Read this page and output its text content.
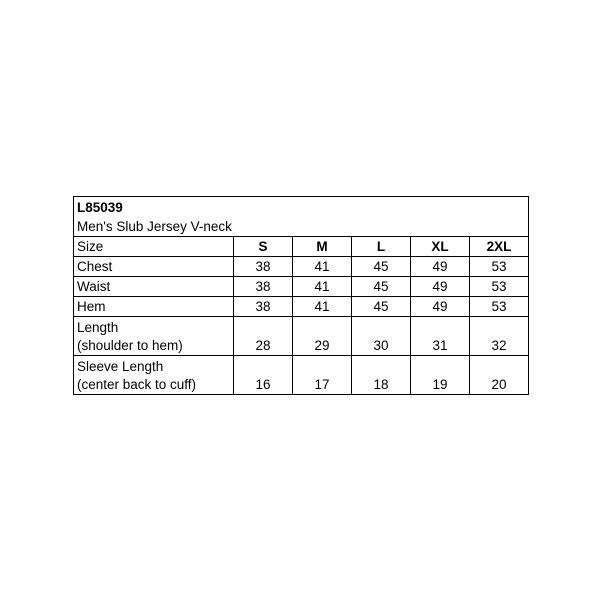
L85039					
Men's Slub Jersey V-neck					
Size	S	M	L	XL	2XL
Chest	38	41	45	49	53
Waist	38	41	45	49	53
Hem	38	41	45	49	53

Length
(shoulder to hem)	28	29	30	31	32

Sleeve Length
(center back to cuff)	16	17	18	19	20
